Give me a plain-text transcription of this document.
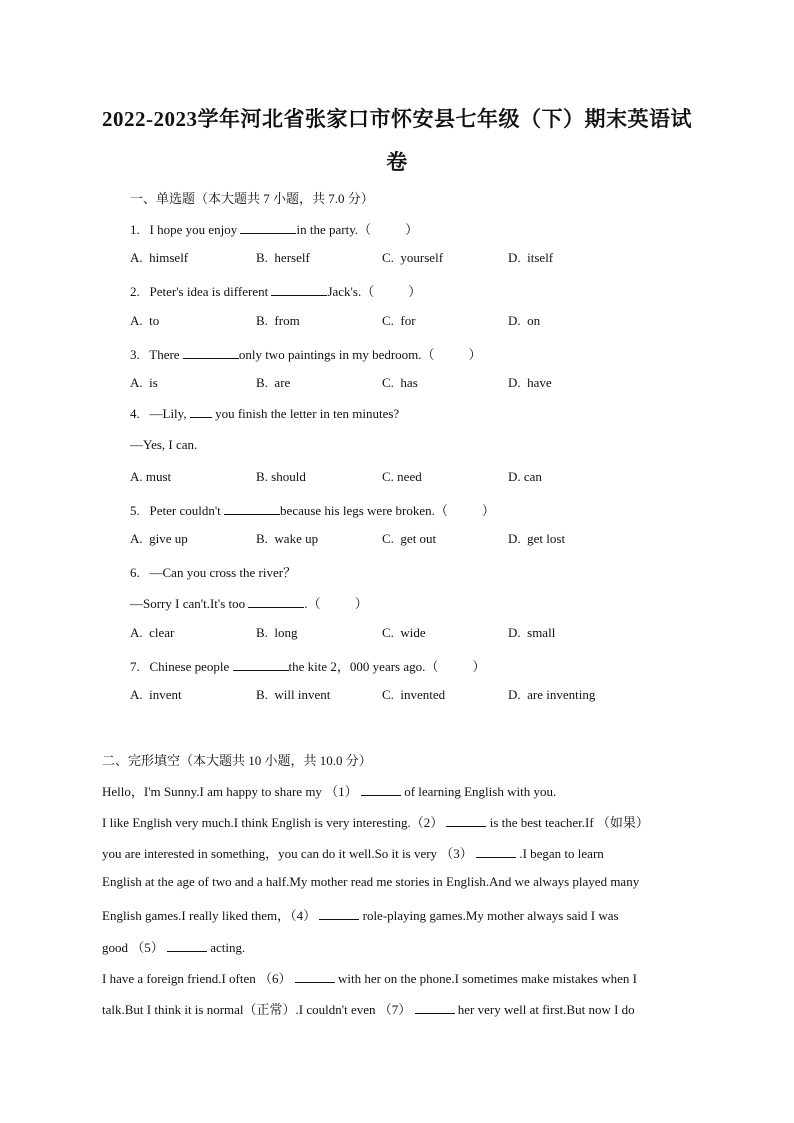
2022-2023学年河北省张家口市怀安县七年级（下）期末英语试
卷
一、单选题（本大题共 7 小题，共 7.0 分）
1.   I hope you enjoy	in the party.（	）
A.  himself	B.  herself	C.  yourself	D.  itself
2.   Peter's idea is different	Jack's.（	）
A.  to	B.  from	C.  for	D.  on
3.   There	only two paintings in my bedroom.（	）
A.  is	B.  are	C.  has	D.  have
4.   —Lily,  you finish the letter in ten minutes?
—Yes, I can.
A. must	B. should	C. need	D. can
5.   Peter couldn't	because his legs were broken.（	）
A.  give up	B.  wake up	C.  get out	D.  get lost
6.   —Can you cross the river？
—Sorry I can't.It's too	.（	）
A.  clear	B.  long	C.  wide	D.  small
7.   Chinese people	the kite 2，000 years ago.（	）
A.  invent	B.  will invent	C.  invented	D.  are inventing
二、完形填空（本大题共 10 小题，共 10.0 分）
Hello，I'm Sunny.I am happy to share my （1）	of learning English with you.
I like English very much.I think English is very interesting.（2）	is the best teacher.If （如果）
you are interested in something，you can do it well.So it is very （3）	.I began to learn
English at the age of two and a half.My mother read me stories in English.And we always played many
English games.I really liked them，（4）	role-playing games.My mother always said I was
good （5）	acting.
I have a foreign friend.I often （6）	with her on the phone.I sometimes make mistakes when I
talk.But I think it is normal（正常）.I couldn't even （7）	her very well at first.But now I do
